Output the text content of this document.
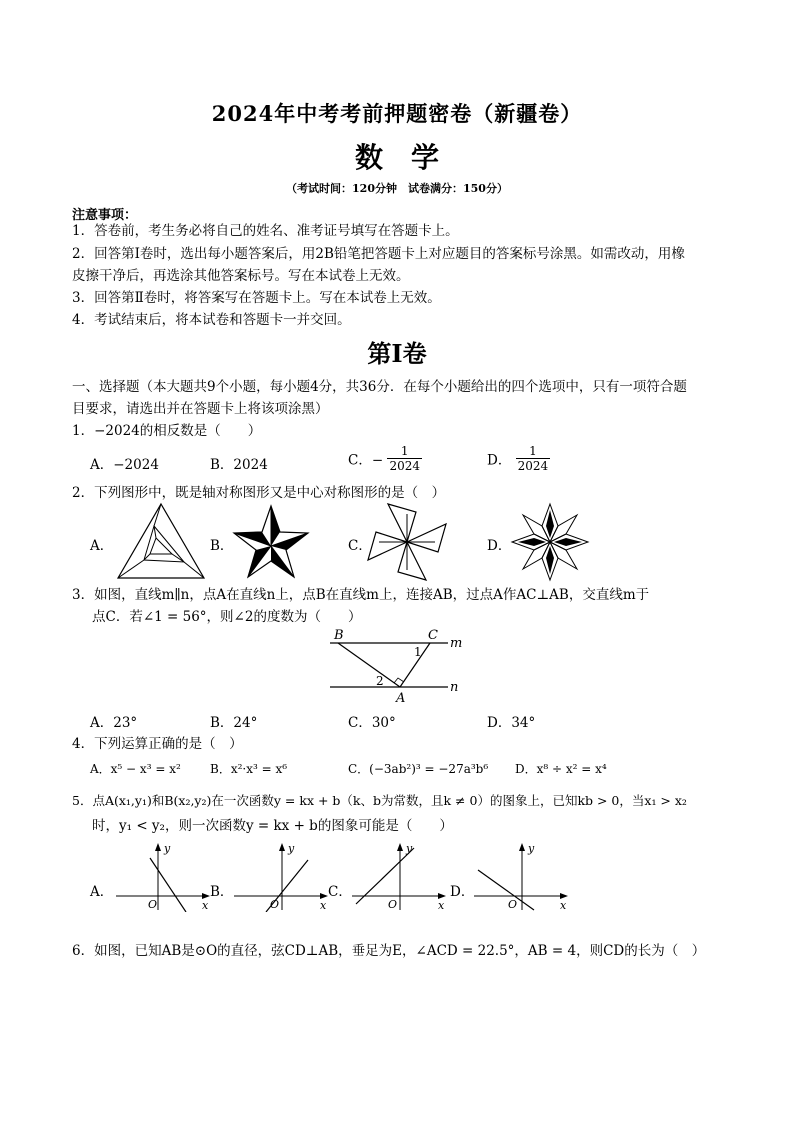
2024年中考考前押题密卷（新疆卷）
数学
（考试时间：120分钟　试卷满分：150分）
注意事项：
1．答卷前，考生务必将自己的姓名、准考证号填写在答题卡上。
2．回答第Ⅰ卷时，选出每小题答案后，用2B铅笔把答题卡上对应题目的答案标号涂黑。如需改动，用橡
皮擦干净后，再选涂其他答案标号。写在本试卷上无效。
3．回答第Ⅱ卷时，将答案写在答题卡上。写在本试卷上无效。
4．考试结束后，将本试卷和答题卡一并交回。
第Ⅰ卷
一、选择题（本大题共9个小题，每小题4分，共36分．在每个小题给出的四个选项中，只有一项符合题
目要求，请选出并在答题卡上将该项涂黑）
1．−2024的相反数是（　　）
A．−2024	B．2024	C．− $\frac{1}{2024}$	D． $\frac{1}{2024}$
2．下列图形中，既是轴对称图形又是中心对称图形的是（　）
A．	B．	C．	D．
3．如图，直线m∥n，点A在直线n上，点B在直线m上，连接AB，过点A作AC⊥AB，交直线m于
点C．若∠1 = 56°，则∠2的度数为（　　）
B	C
m
n
A
1
2
A．23°	B．24°	C．30°	D．34°
4．下列运算正确的是（　）
A．x⁵ − x³ = x² B．x²·x³ = x⁶	C．(−3ab²)³ = −27a³b⁶ D．x⁸ ÷ x² = x⁴
5．点A(x₁,y₁)和B(x₂,y₂)在一次函数y = kx + b（k、b为常数，且k ≠ 0）的图象上，已知kb > 0，当x₁ > x₂
时，y₁ < y₂，则一次函数y = kx + b的图象可能是（　　）
A．
y
x
O
B．
y
x
O
C．
y
x
O
D．
y
x
O
6．如图，已知AB是⊙O的直径，弦CD⊥AB，垂足为E，∠ACD = 22.5°，AB = 4，则CD的长为（　）
